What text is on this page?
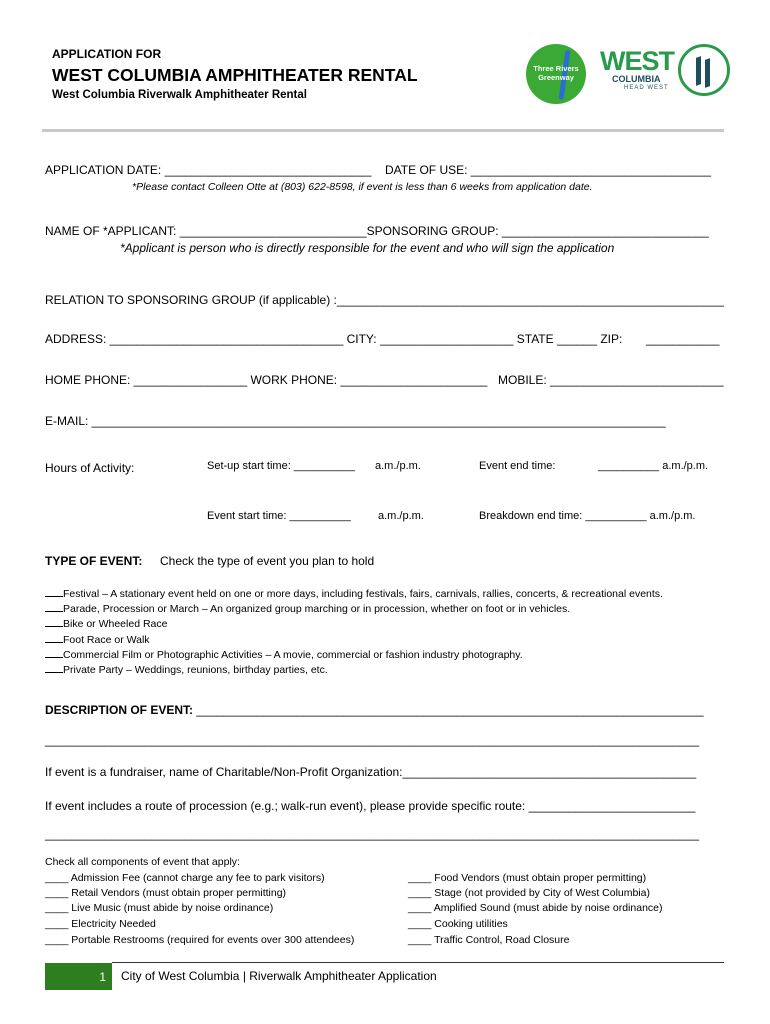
APPLICATION FOR
WEST COLUMBIA AMPHITHEATER RENTAL
West Columbia Riverwalk Amphitheater Rental
Three Rivers Greenway
WEST
COLUMBIA
HEAD WEST
APPLICATION DATE: _______________________________ DATE OF USE: ____________________________________
*Please contact Colleen Otte at (803) 622-8598, if event is less than 6 weeks from application date.
NAME OF *APPLICANT: ____________________________SPONSORING GROUP: _______________________________
*Applicant is person who is directly responsible for the event and who will sign the application
RELATION TO SPONSORING GROUP (if applicable) :__________________________________________________________
ADDRESS: ___________________________________ CITY: ____________________ STATE ______ ZIP: ___________
HOME PHONE: _________________ WORK PHONE: ______________________ MOBILE: __________________________
E-MAIL: ______________________________________________________________________________________
Hours of Activity:	Set-up start time: __________ a.m./p.m.	Event end time:	__________ a.m./p.m.
Event start time: __________ a.m./p.m.	Breakdown end time: __________ a.m./p.m.
TYPE OF EVENT: Check the type of event you plan to hold
Festival – A stationary event held on one or more days, including festivals, fairs, carnivals, rallies, concerts, & recreational events.
Parade, Procession or March – An organized group marching or in procession, whether on foot or in vehicles.
Bike or Wheeled Race
Foot Race or Walk
Commercial Film or Photographic Activities – A movie, commercial or fashion industry photography.
Private Party – Weddings, reunions, birthday parties, etc.
DESCRIPTION OF EVENT: ____________________________________________________________________________
__________________________________________________________________________________________________
If event is a fundraiser, name of Charitable/Non-Profit Organization:____________________________________________
If event includes a route of procession (e.g.; walk-run event), please provide specific route: _________________________
__________________________________________________________________________________________________
Check all components of event that apply:
____ Admission Fee (cannot charge any fee to park visitors)
____ Retail Vendors (must obtain proper permitting)
____ Live Music (must abide by noise ordinance)
____ Electricity Needed
____ Portable Restrooms (required for events over 300 attendees)
____ Food Vendors (must obtain proper permitting)
____ Stage (not provided by City of West Columbia)
____ Amplified Sound (must abide by noise ordinance)
____ Cooking utilities
____ Traffic Control, Road Closure
1	City of West Columbia | Riverwalk Amphitheater Application
